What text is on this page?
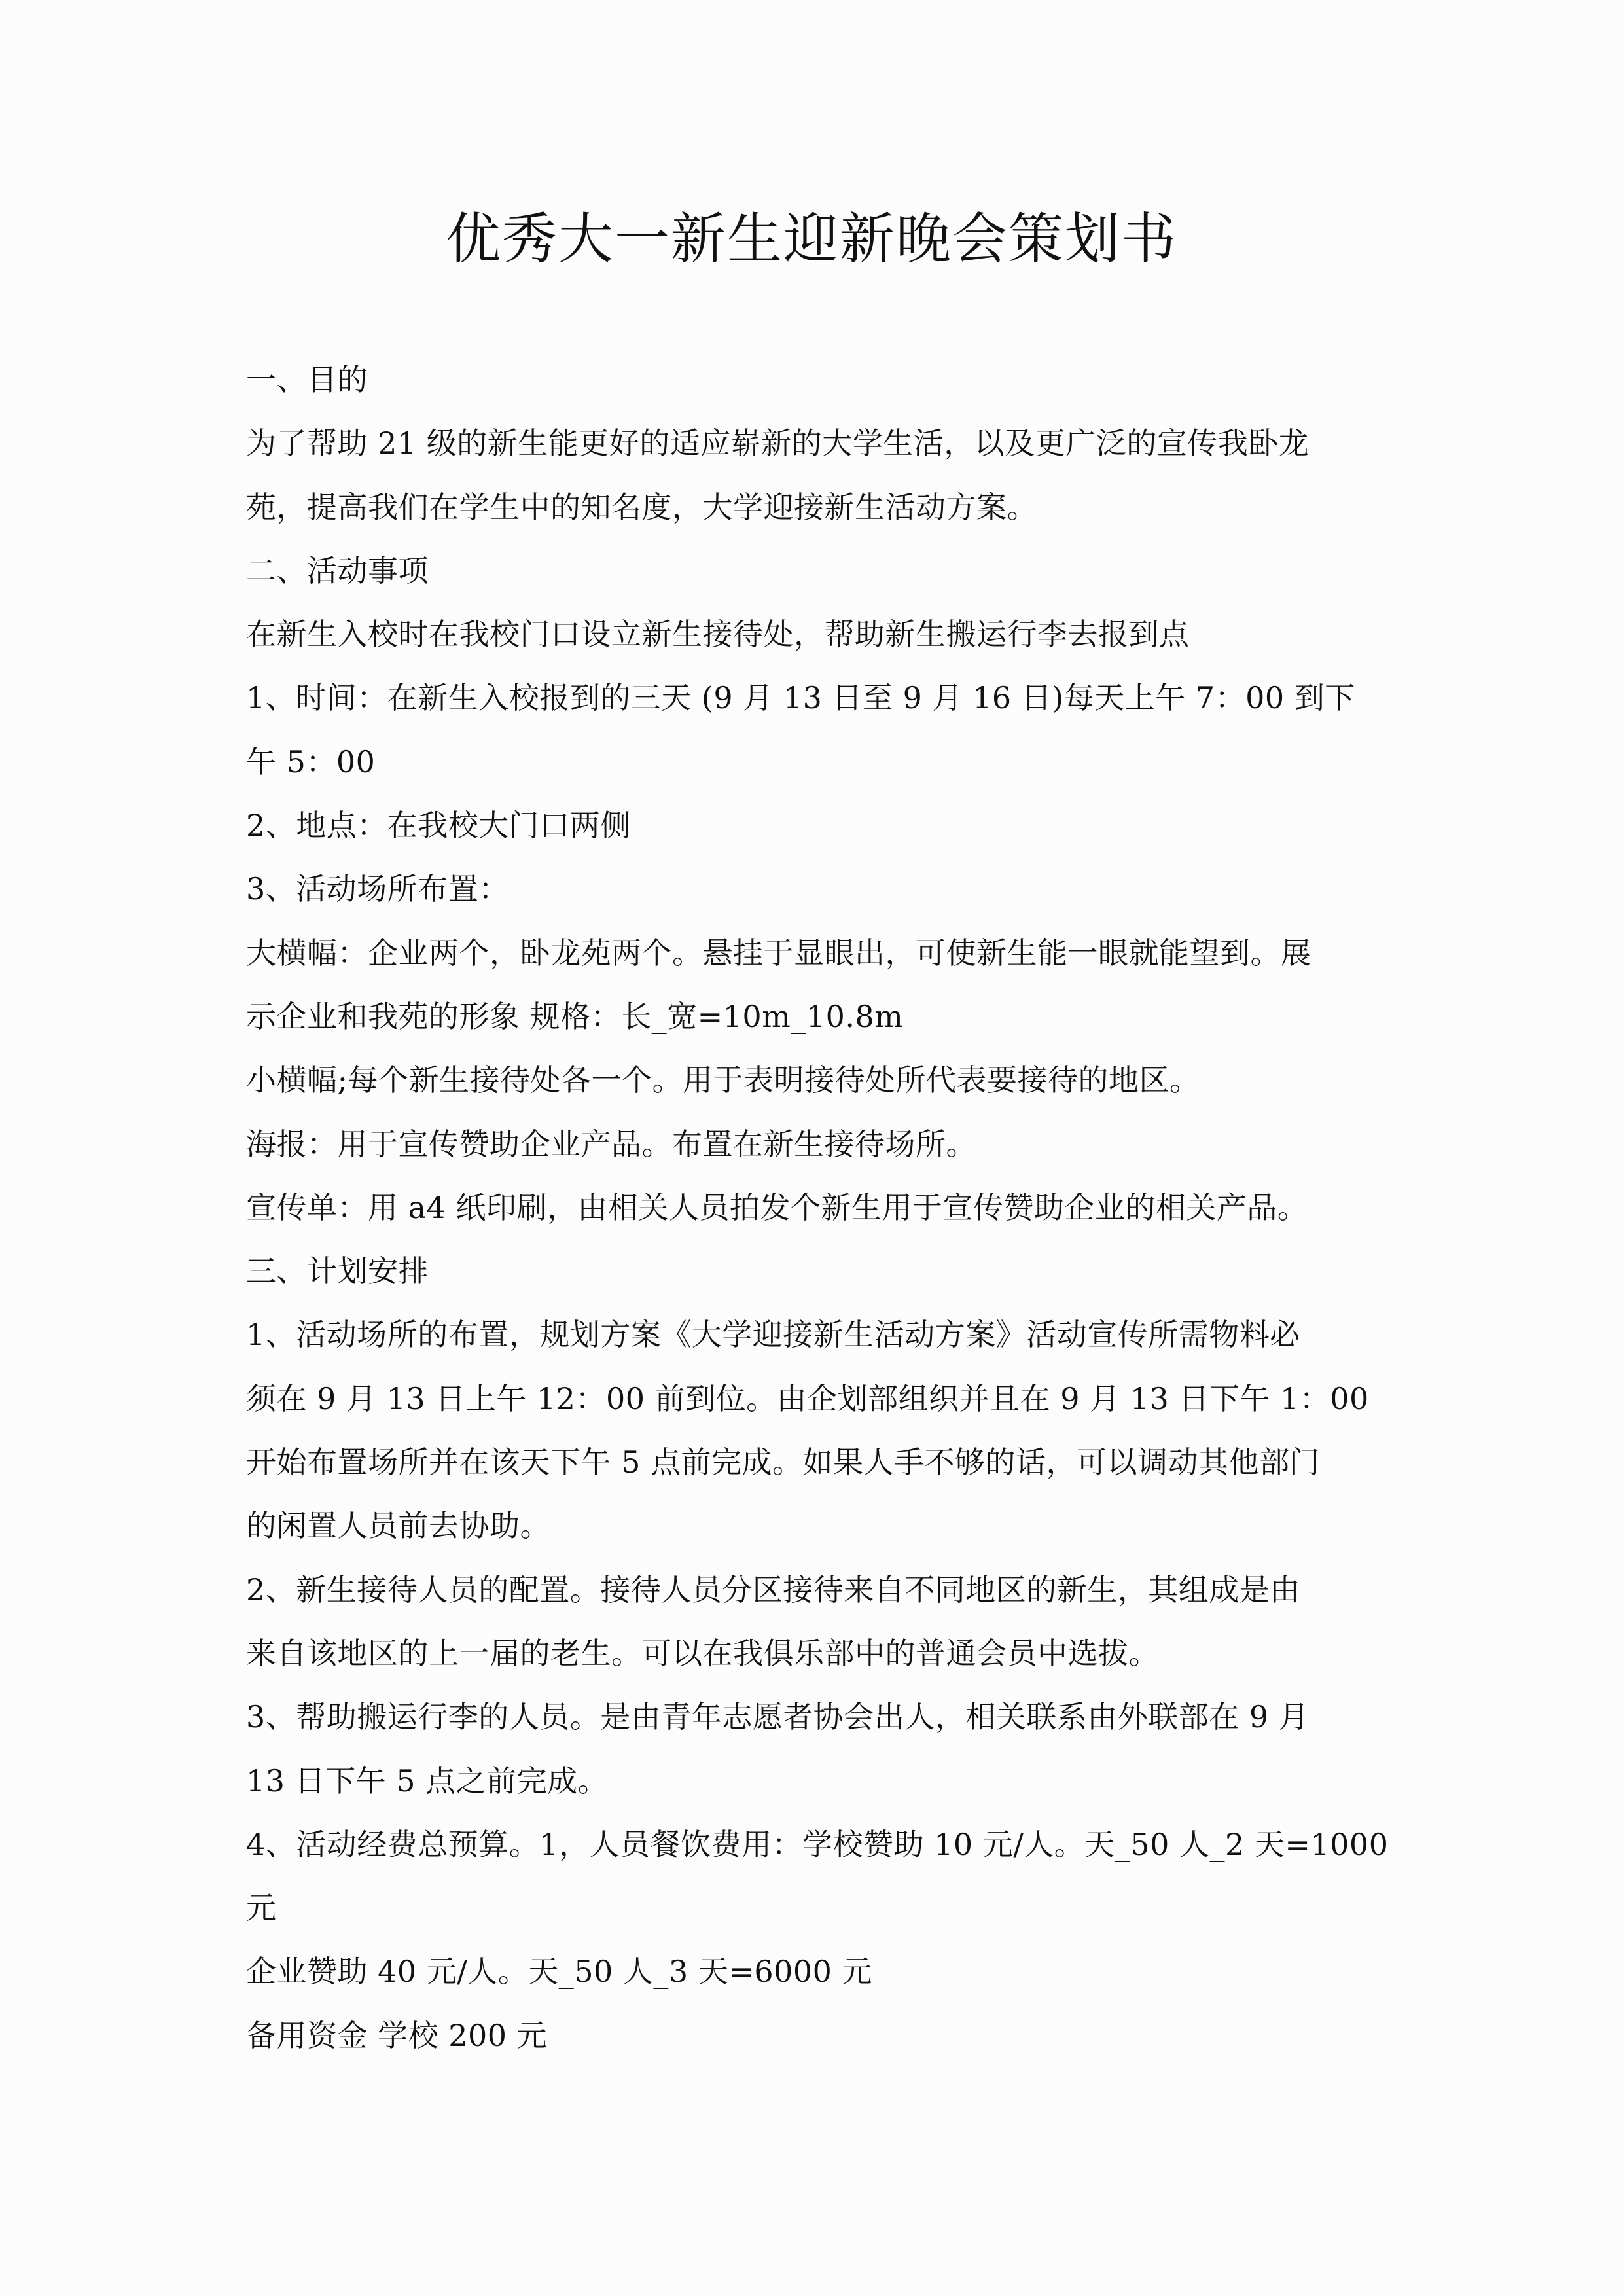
优秀大一新生迎新晚会策划书
一、目的
为了帮助 21 级的新生能更好的适应崭新的大学生活，以及更广泛的宣传我卧龙
苑，提高我们在学生中的知名度，大学迎接新生活动方案。
二、活动事项
在新生入校时在我校门口设立新生接待处，帮助新生搬运行李去报到点
1、时间：在新生入校报到的三天 (9 月 13 日至 9 月 16 日)每天上午 7：00 到下
午 5：00
2、地点：在我校大门口两侧
3、活动场所布置：
大横幅：企业两个，卧龙苑两个。悬挂于显眼出，可使新生能一眼就能望到。展
示企业和我苑的形象 规格：长_宽=10m_10.8m
小横幅;每个新生接待处各一个。用于表明接待处所代表要接待的地区。
海报：用于宣传赞助企业产品。布置在新生接待场所。
宣传单：用 a4 纸印刷，由相关人员拍发个新生用于宣传赞助企业的相关产品。
三、计划安排
1、活动场所的布置，规划方案《大学迎接新生活动方案》活动宣传所需物料必
须在 9 月 13 日上午 12：00 前到位。由企划部组织并且在 9 月 13 日下午 1：00
开始布置场所并在该天下午 5 点前完成。如果人手不够的话，可以调动其他部门
的闲置人员前去协助。
2、新生接待人员的配置。接待人员分区接待来自不同地区的新生，其组成是由
来自该地区的上一届的老生。可以在我俱乐部中的普通会员中选拔。
3、帮助搬运行李的人员。是由青年志愿者协会出人，相关联系由外联部在 9 月
13 日下午 5 点之前完成。
4、活动经费总预算。1，人员餐饮费用：学校赞助 10 元/人。天_50 人_2 天=1000
元
企业赞助 40 元/人。天_50 人_3 天=6000 元
备用资金 学校 200 元
